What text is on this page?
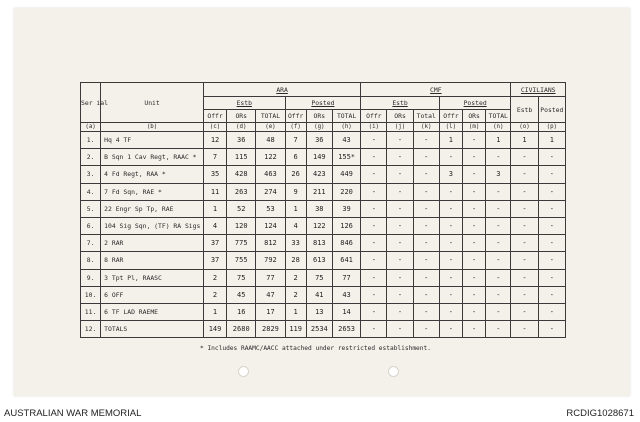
Ser ial	Unit	ARA						CMF						CIVILIANS	
		Estb			Posted			Estb			Posted			Estb	Posted
		Offr	ORs	TOTAL	Offr	ORs	TOTAL	Offr	ORs	Total	Offr	ORs	TOTAL		
(a)	(b)	(c)	(d)	(e)	(f)	(g)	(h)	(i)	(j)	(k)	(l)	(m)	(n)	(o)	(p)
1.	Hq 4 TF	12	36	48	7	36	43	-	-	-	1	-	1	1	1
2.	B Sqn 1 Cav Regt, RAAC *	7	115	122	6	149	155*	-	-	-	-	-	-	-	-
3.	4 Fd Regt, RAA *	35	428	463	26	423	449	-	-	-	3	-	3	-	-
4.	7 Fd Sqn, RAE *	11	263	274	9	211	220	-	-	-	-	-	-	-	-
5.	22 Engr Sp Tp, RAE	1	52	53	1	38	39	-	-	-	-	-	-	-	-
6.	104 Sig Sqn, (TF) RA Sigs	4	120	124	4	122	126	-	-	-	-	-	-	-	-
7.	2 RAR	37	775	812	33	813	846	-	-	-	-	-	-	-	-
8.	8 RAR	37	755	792	28	613	641	-	-	-	-	-	-	-	-
9.	3 Tpt Pl, RAASC	2	75	77	2	75	77	-	-	-	-	-	-	-	-
10.	6 OFF	2	45	47	2	41	43	-	-	-	-	-	-	-	-
11.	6 TF LAD RAEME	1	16	17	1	13	14	-	-	-	-	-	-	-	-
12.	TOTALS	149	2680	2829	119	2534	2653	-	-	-	-	-	-	-	-
* Includes RAAMC/AACC attached under restricted establishment.
AUSTRALIAN WAR MEMORIAL	RCDIG1028671
